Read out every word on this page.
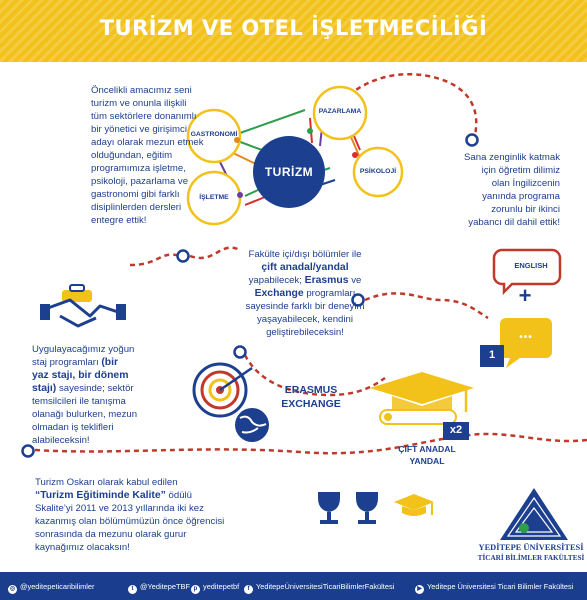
TURİZM VE OTEL İŞLETMECİLİĞİ
GASTRONOMİ
PAZARLAMA
PSİKOLOJİ
İŞLETME
TURİZM
Öncelikli amacımız seni
turizm ve onunla ilişkili
tüm sektörlere donanımlı
bir yönetici ve girişimci
adayı olarak mezun etmek
olduğundan, eğitim
programımıza işletme,
psikoloji, pazarlama ve
gastronomi gibi farklı
disiplinlerden dersleri
entegre ettik!
Sana zenginlik katmak
için öğretim dilimiz
olan İngilizcenin
yanında programa
zorunlu bir ikinci
yabancı dil dahil ettik!
ENGLISH
+
1
•••
Fakülte içi/dışı bölümler ile
çift anadal/yandal
yapabilecek; Erasmus ve
Exchange programları
sayesinde farklı bir deneyim
yaşayabilecek, kendini
geliştirebileceksin!
Uygulayacağımız yoğun
staj programları (bir
yaz stajı, bir dönem
stajı) sayesinde; sektör
temsilcileri ile tanışma
olanağı bulurken, mezun
olmadan iş teklifleri
alabileceksin!
ERASMUS
EXCHANGE
x2
ÇİFT ANADAL
YANDAL
Turizm Oskarı olarak kabul edilen
“Turizm Eğitiminde Kalite” ödülü
Skalite’yi 2011 ve 2013 yıllarında iki kez
kazanmış olan bölümümüzün önce öğrencisi
sonrasında da mezunu olarak gurur
kaynağımız olacaksın!	YEDİTEPE ÜNİVERSİTESİ
TİCARİ BİLİMLER FAKÜLTESİ
◎ @yeditepeticaribilimler	t @YeditepeTBF p yeditepetbf	f YeditepeÜniversitesiTicariBilimlerFakültesi	▶ Yeditepe Üniversitesi Ticari Bilimler Fakültesi
